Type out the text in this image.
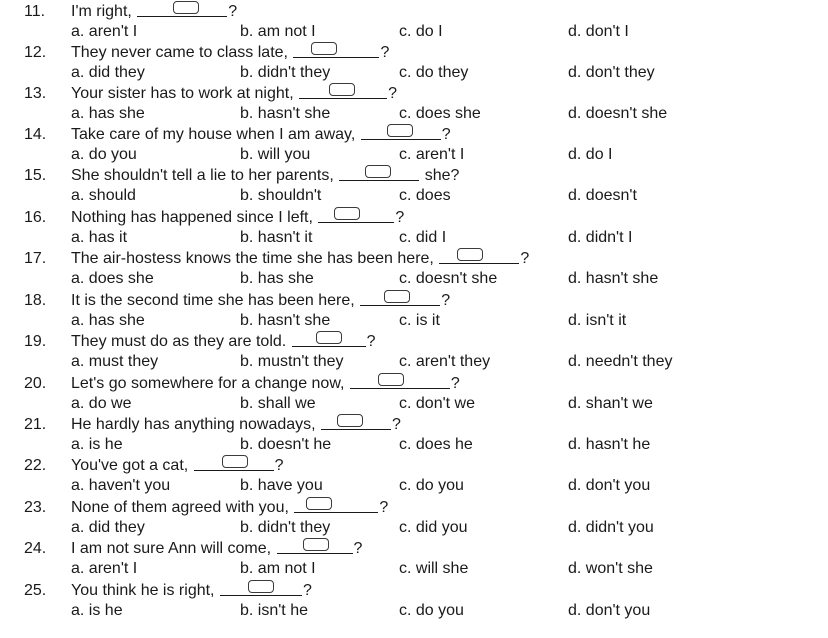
11.	I'm right,	?
a. aren't I	b. am not I	c. do I	d. don't I
12.	They never came to class late,	?
a. did they	b. didn't they	c. do they	d. don't they
13.	Your sister has to work at night,	?
a. has she	b. hasn't she	c. does she	d. doesn't she
14.	Take care of my house when I am away,	?
a. do you	b. will you	c. aren't I	d. do I
15.	She shouldn't tell a lie to her parents,	she?
a. should	b. shouldn't	c. does	d. doesn't
16.	Nothing has happened since I left,	?
a. has it	b. hasn't it	c. did I	d. didn't I
17.	The air-hostess knows the time she has been here,	?
a. does she	b. has she	c. doesn't she	d. hasn't she
18.	It is the second time she has been here,	?
a. has she	b. hasn't she	c. is it	d. isn't it
19.	They must do as they are told.	?
a. must they	b. mustn't they	c. aren't they	d. needn't they
20.	Let's go somewhere for a change now,	?
a. do we	b. shall we	c. don't we	d. shan't we
21.	He hardly has anything nowadays,	?
a. is he	b. doesn't he	c. does he	d. hasn't he
22.	You've got a cat,	?
a. haven't you	b. have you	c. do you	d. don't you
23.	None of them agreed with you,	?
a. did they	b. didn't they	c. did you	d. didn't you
24.	I am not sure Ann will come,	?
a. aren't I	b. am not I	c. will she	d. won't she
25.	You think he is right,	?
a. is he	b. isn't he	c. do you	d. don't you
